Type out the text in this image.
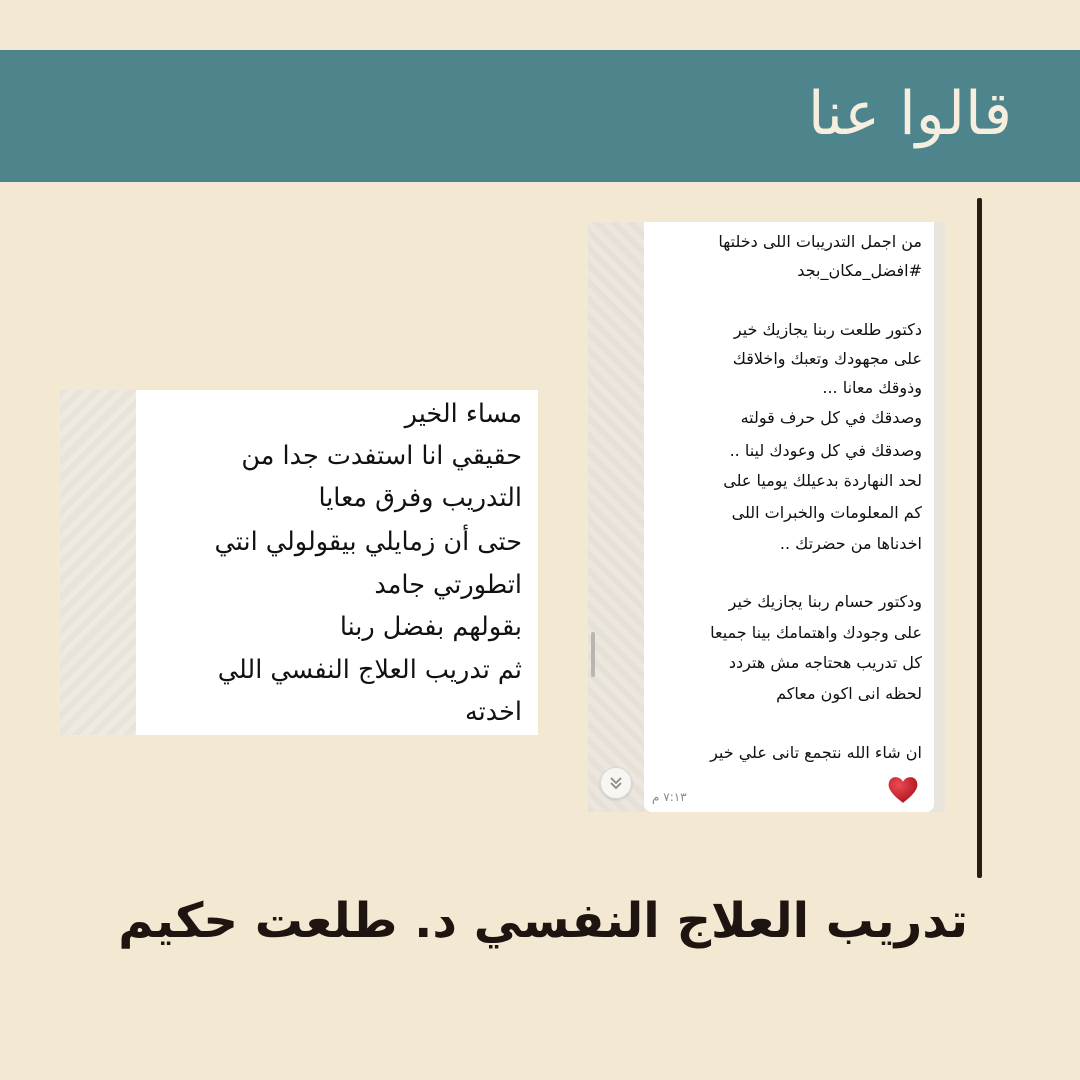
قالوا عنا
مساء الخير
حقيقي انا استفدت جدا من
التدريب وفرق معايا
حتى أن زمايلي بيقولولي انتي
اتطورتي جامد
بقولهم بفضل ربنا
ثم تدريب العلاج النفسي اللي
اخدته
من اجمل التدريبات اللى دخلتها
#افضل_مكان_بجد
دكتور طلعت ربنا يجازيك خير
على مجهودك وتعبك واخلاقك
وذوقك معانا ...
وصدقك في كل حرف قولته
وصدقك في كل وعودك لينا ..
لحد النهاردة بدعيلك يوميا على
كم المعلومات والخبرات اللى
اخدناها من حضرتك ..
ودكتور حسام ربنا يجازيك خير
على وجودك واهتمامك بينا جميعا
كل تدريب هحتاجه مش هتردد
لحظه انى اكون معاكم
ان شاء الله نتجمع تانى علي خير
٧:١٣ م
تدريب العلاج النفسي د. طلعت حكيم
